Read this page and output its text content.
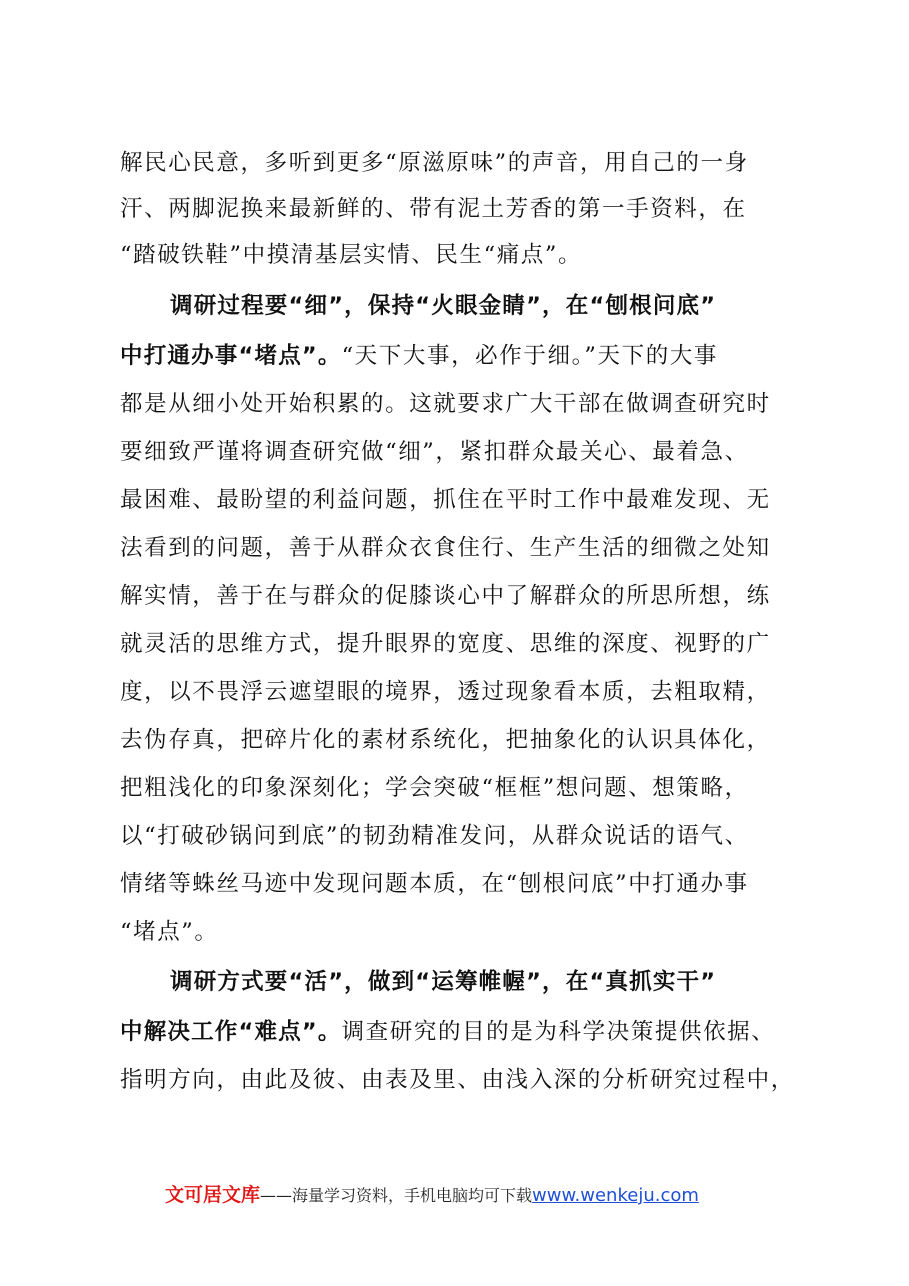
解民心民意，多听到更多“原滋原味”的声音，用自己的一身
汗、两脚泥换来最新鲜的、带有泥土芳香的第一手资料，在
“踏破铁鞋”中摸清基层实情、民生“痛点”。
调研过程要“细”，保持“火眼金睛”，在“刨根问底”
中打通办事“堵点”。“天下大事，必作于细。”天下的大事
都是从细小处开始积累的。这就要求广大干部在做调查研究时
要细致严谨将调查研究做“细”，紧扣群众最关心、最着急、
最困难、最盼望的利益问题，抓住在平时工作中最难发现、无
法看到的问题，善于从群众衣食住行、生产生活的细微之处知
解实情，善于在与群众的促膝谈心中了解群众的所思所想，练
就灵活的思维方式，提升眼界的宽度、思维的深度、视野的广
度，以不畏浮云遮望眼的境界，透过现象看本质，去粗取精，
去伪存真，把碎片化的素材系统化，把抽象化的认识具体化，
把粗浅化的印象深刻化；学会突破“框框”想问题、想策略，
以“打破砂锅问到底”的韧劲精准发问，从群众说话的语气、
情绪等蛛丝马迹中发现问题本质，在“刨根问底”中打通办事
“堵点”。
调研方式要“活”，做到“运筹帷幄”，在“真抓实干”
中解决工作“难点”。调查研究的目的是为科学决策提供依据、
指明方向，由此及彼、由表及里、由浅入深的分析研究过程中，
文可居文库——海量学习资料，手机电脑均可下载www.wenkeju.com
